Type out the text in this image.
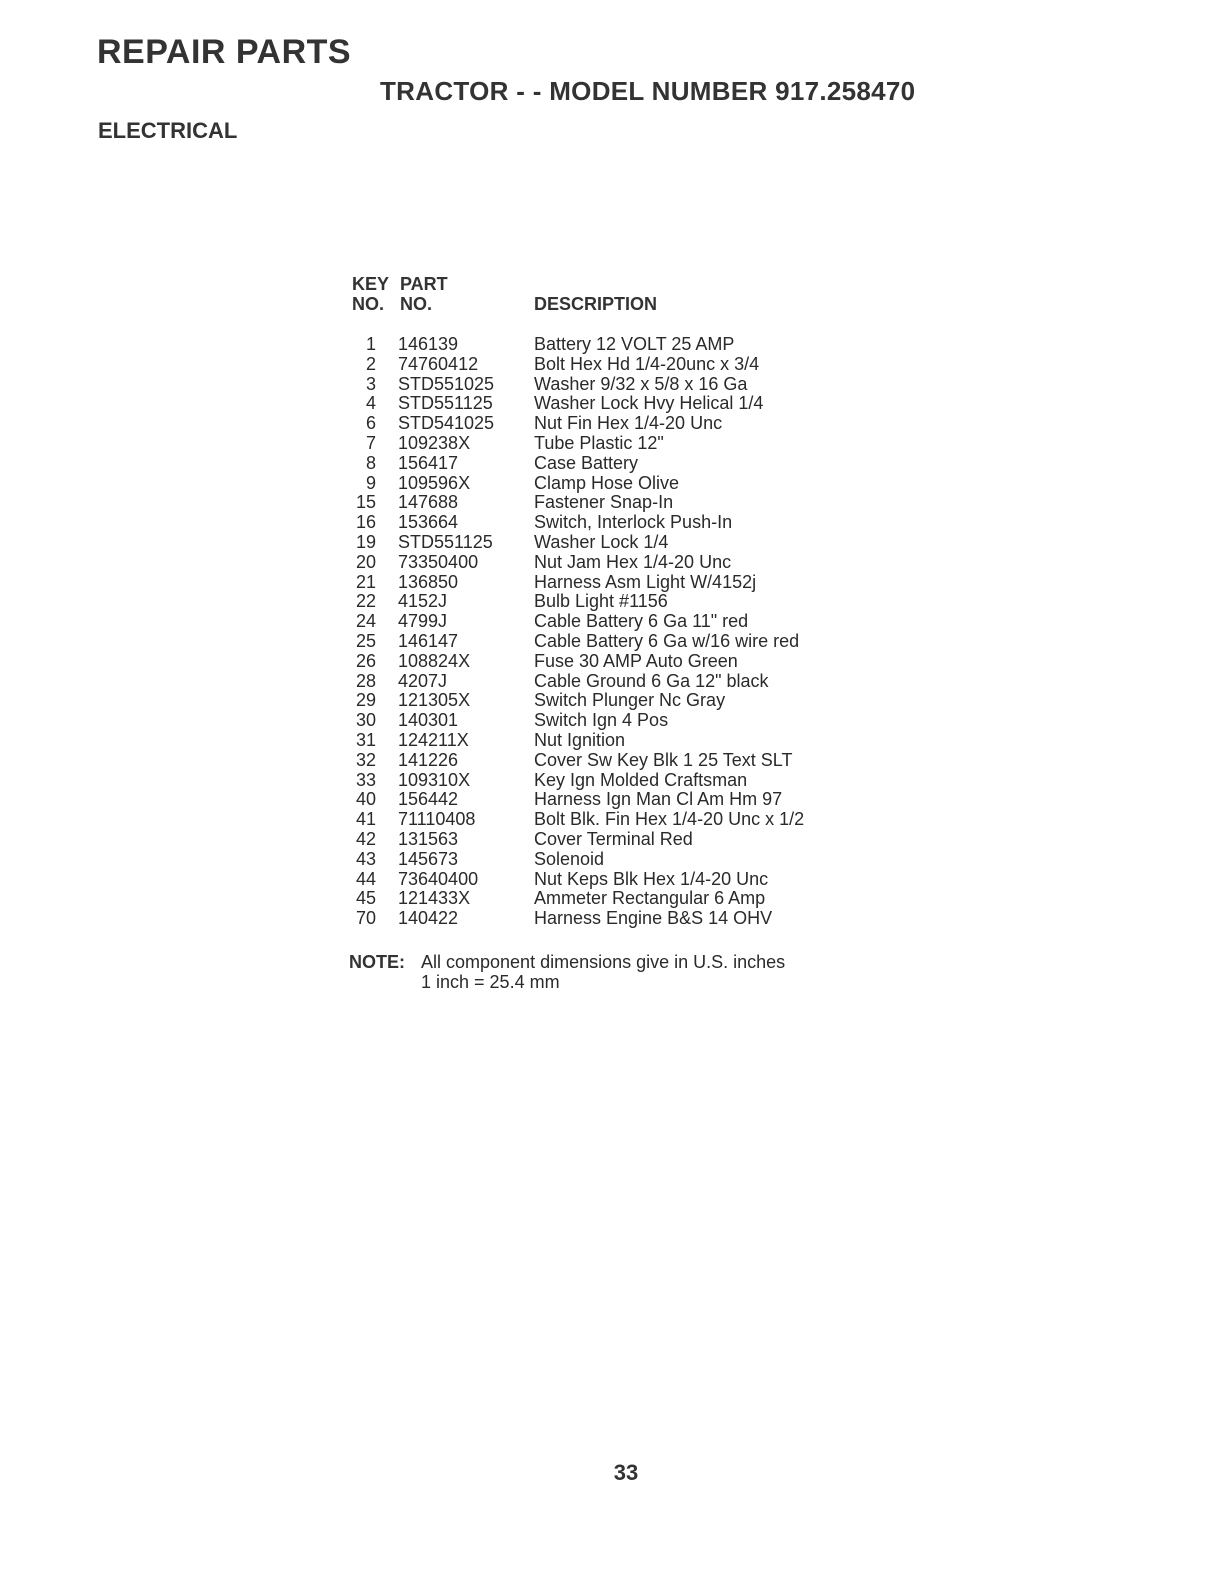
REPAIR PARTS
TRACTOR - - MODEL NUMBER 917.258470
ELECTRICAL
KEY
NO.
PART
NO.	DESCRIPTION
1 146139	Battery 12 VOLT 25 AMP
2 74760412	Bolt Hex Hd 1/4-20unc x 3/4
3 STD551025 Washer 9/32 x 5/8 x 16 Ga
4 STD551125 Washer Lock Hvy Helical 1/4
6 STD541025 Nut Fin Hex 1/4-20 Unc
7 109238X	Tube Plastic 12"
8 156417	Case Battery
9 109596X	Clamp Hose Olive
15 147688	Fastener Snap-In
16 153664	Switch, Interlock Push-In
19 STD551125 Washer Lock 1/4
20 73350400	Nut Jam Hex 1/4-20 Unc
21 136850	Harness Asm Light W/4152j
22 4152J	Bulb Light #1156
24 4799J	Cable Battery 6 Ga 11" red
25 146147	Cable Battery 6 Ga w/16 wire red
26 108824X	Fuse 30 AMP Auto Green
28 4207J	Cable Ground 6 Ga 12" black
29 121305X	Switch Plunger Nc Gray
30 140301	Switch Ign 4 Pos
31 124211X	Nut Ignition
32 141226	Cover Sw Key Blk 1 25 Text SLT
33 109310X	Key Ign Molded Craftsman
40 156442	Harness Ign Man Cl Am Hm 97
41 71110408	Bolt Blk. Fin Hex 1/4-20 Unc x 1/2
42 131563	Cover Terminal Red
43 145673	Solenoid
44 73640400	Nut Keps Blk Hex 1/4-20 Unc
45 121433X	Ammeter Rectangular 6 Amp
70 140422	Harness Engine B&S 14 OHV
NOTE: All component dimensions give in U.S. inches
1 inch = 25.4 mm
33
